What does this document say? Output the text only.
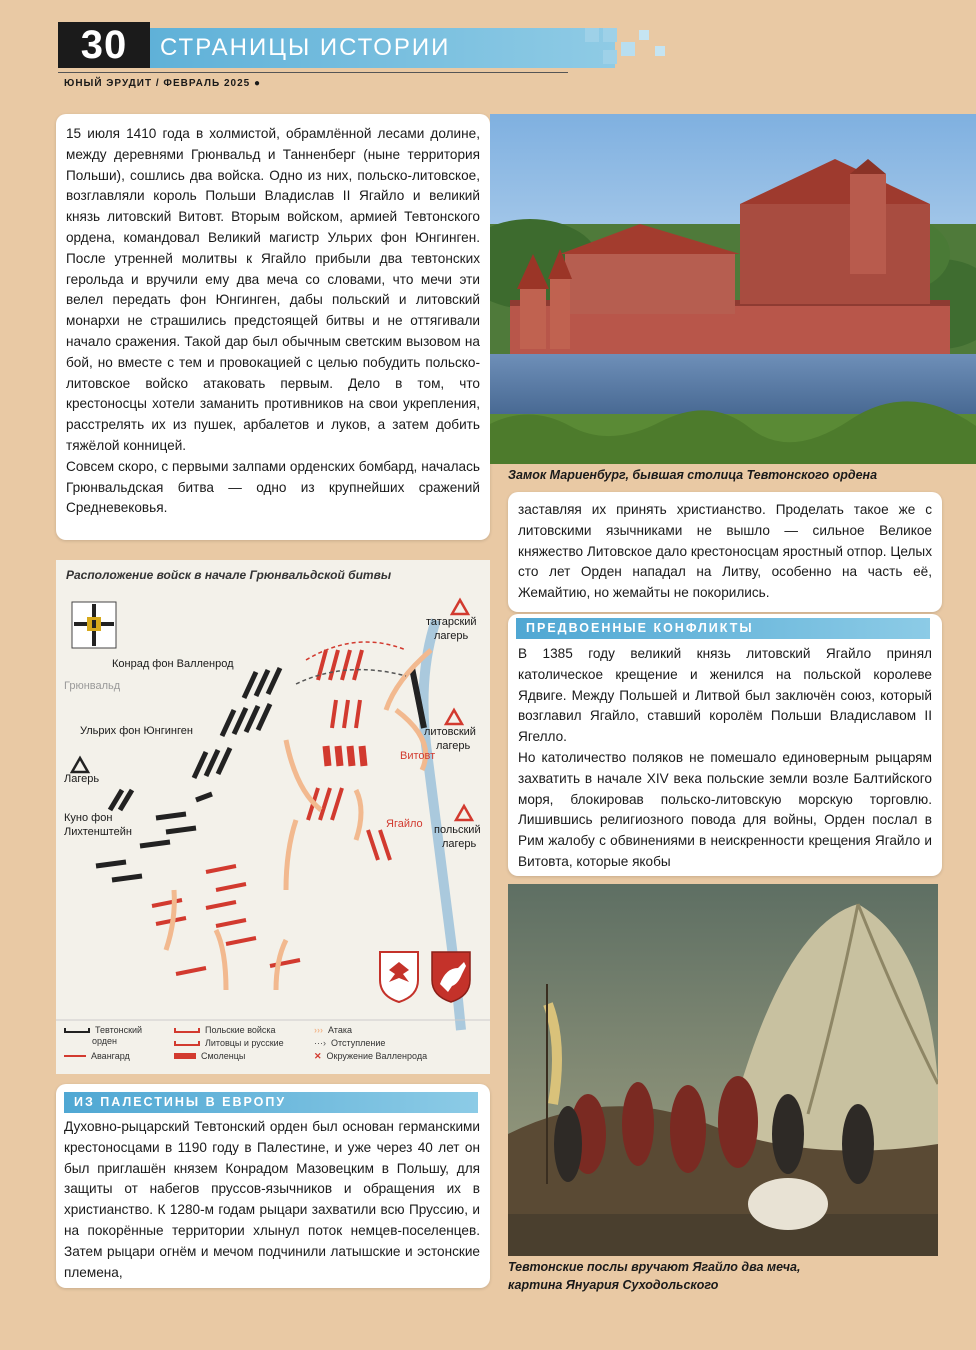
30	СТРАНИЦЫ ИСТОРИИ
ЮНЫЙ ЭРУДИТ / ФЕВРАЛЬ 2025 ●

15 июля 1410 года в холмистой, обрамлённой лесами долине, между деревнями Грюнвальд и Танненберг (ныне территория Польши), сошлись два войска. Одно из них, польско-литовское, возглавляли король Польши Владислав II Ягайло и великий князь литовский Витовт. Вторым войском, армией Тевтонского ордена, командовал Великий магистр Ульрих фон Юнгинген. После утренней молитвы к Ягайло прибыли два тевтонских герольда и вручили ему два меча со словами, что мечи эти велел передать фон Юнгинген, дабы польский и литовский монархи не страшились предстоящей битвы и не оттягивали начало сражения. Такой дар был обычным светским вызовом на бой, но вместе с тем и провокацией с целью побудить польско-литовское войско атаковать первым. Дело в том, что крестоносцы хотели заманить противников на свои укрепления, расстрелять их из пушек, арбалетов и луков, а затем добить тяжёлой конницей.

Совсем скоро, с первыми залпами орденских бомбард, началась Грюнвальдская битва — одно из крупнейших сражений Средневековья.

Замок Мариенбург, бывшая столица Тевтонского ордена
заставляя их принять христианство. Проделать такое же с литовскими язычниками не вышло — сильное Великое княжество Литовское дало крестоносцам яростный отпор. Целых сто лет Орден нападал на Литву, особенно на часть её, Жемайтию, но жемайты не покорились.
ПРЕДВОЕННЫЕ КОНФЛИКТЫ

В 1385 году великий князь литовский Ягайло принял католическое крещение и женился на польской королеве Ядвиге. Между Польшей и Литвой был заключён союз, который возглавил Ягайло, ставший королём Польши Владиславом II Ягелло.

Но католичество поляков не помешало единоверным рыцарям захватить в начале XIV века польские земли возле Балтийского моря, блокировав польско-литовскую морскую торговлю. Лишившись религиозного повода для войны, Орден послал в Рим жалобу с обвинениями в неискренности крещения Ягайло и Витовта, которые якобы

Расположение войск в начале Грюнвальдской битвы
Конрад фон Валленрод
Грюнвальд
Ульрих фон Юнгинген
Лагерь
Куно фон
Лихтенштейн
татарский
лагерь
литовский
лагерь
Витовт
Ягайло польский
лагерь
Тевтонский
орден
Авангард
Польские войска
Литовцы и русские
Смоленцы
››› Атака
⋯› Отступление
✕ Окружение Валленрода
ИЗ ПАЛЕСТИНЫ В ЕВРОПУ
Духовно-рыцарский Тевтонский орден был основан германскими крестоносцами в 1190 году в Палестине, и уже через 40 лет он был приглашён князем Конрадом Мазовецким в Польшу, для защиты от набегов пруссов-язычников и обращения их в христианство. К 1280-м годам рыцари захватили всю Пруссию, и на покорённые территории хлынул поток немцев-поселенцев. Затем рыцари огнём и мечом подчинили латышские и эстонские племена,	Тевтонские послы вручают Ягайло два меча,
картина Януария Суходольского
